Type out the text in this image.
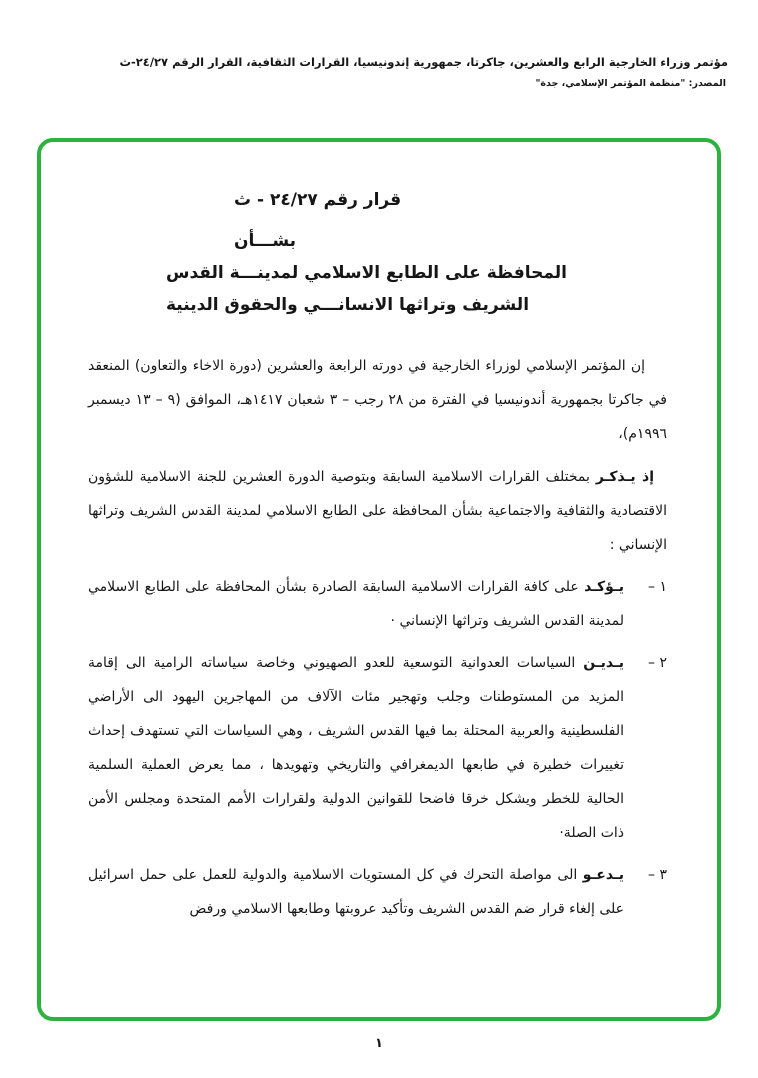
مؤتمر وزراء الخارجية الرابع والعشرين، جاكرتا، جمهورية إندونيسيا، القرارات الثقافية، القرار الرقم ٢٤/٢٧-ث
المصدر: "منظمة المؤتمر الإسلامي، جدة"
قرار رقم ٢٤/٢٧ - ث
بشـــأن
المحافظة على الطابع الاسلامي لمدينـــة القدس
الشريف وتراثها الانسانـــي والحقوق الدينية

إن المؤتمر الإسلامي لوزراء الخارجية في دورته الرابعة والعشرين (دورة الاخاء والتعاون) المنعقد في جاكرتا بجمهورية أندونيسيا في الفترة من ٢٨ رجب – ٣ شعبان ١٤١٧هـ، الموافق (٩ – ١٣ ديسمبر ١٩٩٦م)،

إذ يـذكـر بمختلف القرارات الاسلامية السابقة وبتوصية الدورة العشرين للجنة الاسلامية للشؤون الاقتصادية والثقافية والاجتماعية بشأن المحافظة على الطابع الاسلامي لمدينة القدس الشريف وتراثها الإنساني :

١ –
يـؤكـد على كافة القرارات الاسلامية السابقة الصادرة بشأن المحافظة على الطابع الاسلامي لمدينة القدس الشريف وتراثها الإنساني ·
٢ –
يـديـن السياسات العدوانية التوسعية للعدو الصهيوني وخاصة سياساته الرامية الى إقامة المزيد من المستوطنات وجلب وتهجير مئات الآلاف من المهاجرين اليهود الى الأراضي الفلسطينية والعربية المحتلة بما فيها القدس الشريف ، وهي السياسات التي تستهدف إحداث تغييرات خطيرة في طابعها الديمغرافي والتاريخي وتهويدها ، مما يعرض العملية السلمية الحالية للخطر ويشكل خرقا فاضحا للقوانين الدولية ولقرارات الأمم المتحدة ومجلس الأمن ذات الصلة·
٣ –
يـدعـو الى مواصلة التحرك في كل المستويات الاسلامية والدولية للعمل على حمل اسرائيل على إلغاء قرار ضم القدس الشريف وتأكيد عروبتها وطابعها الاسلامي ورفض
١
